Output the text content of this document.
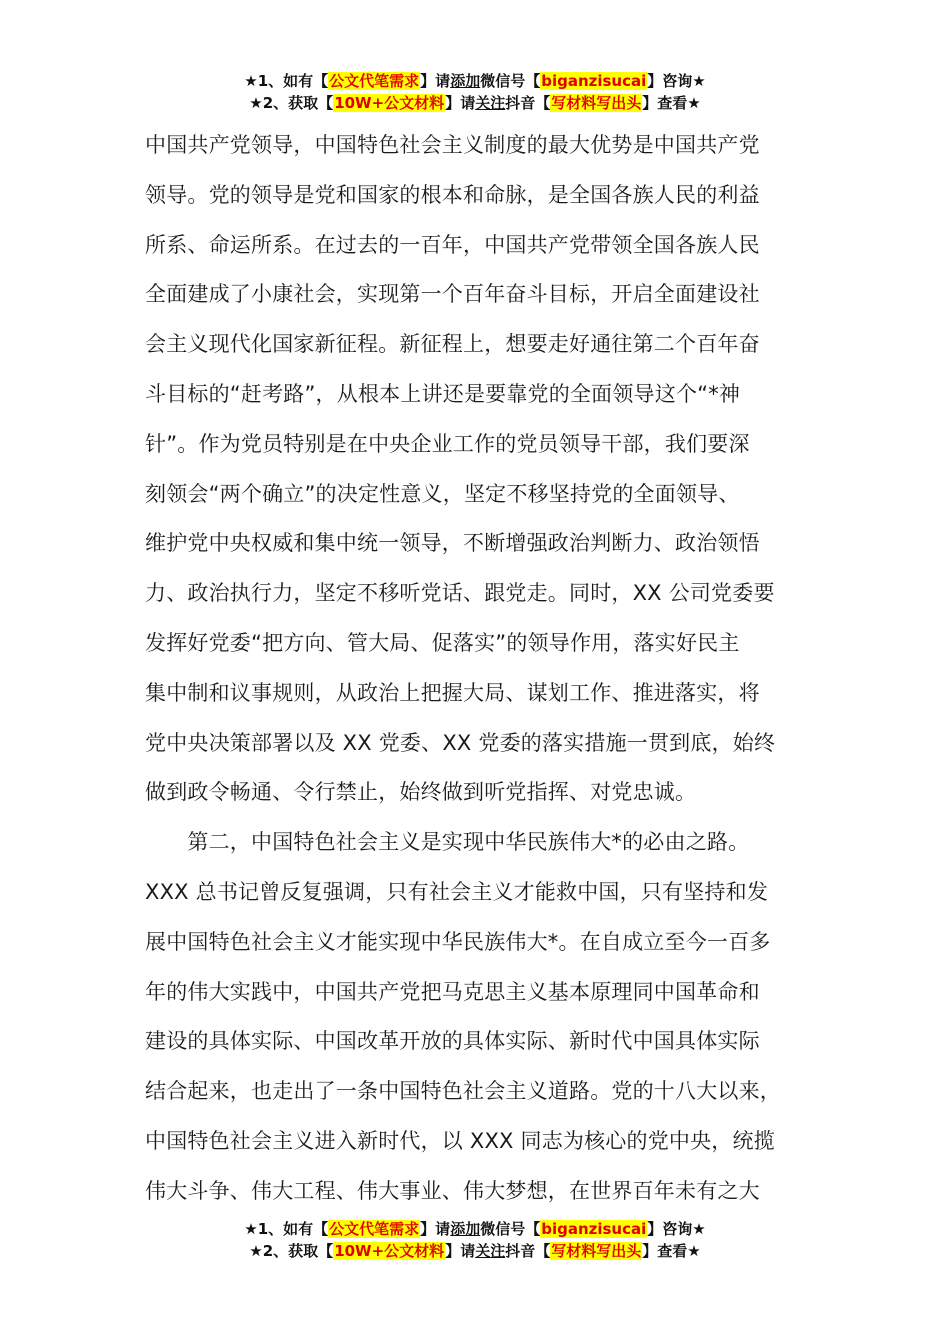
★1、如有【公文代笔需求】请添加微信号【biganzisucai】咨询★
★2、获取【10W+公文材料】请关注抖音【写材料写出头】查看★
中国共产党领导，中国特色社会主义制度的最大优势是中国共产党
领导。党的领导是党和国家的根本和命脉，是全国各族人民的利益
所系、命运所系。在过去的一百年，中国共产党带领全国各族人民
全面建成了小康社会，实现第一个百年奋斗目标，开启全面建设社
会主义现代化国家新征程。新征程上，想要走好通往第二个百年奋
斗目标的“赶考路”，从根本上讲还是要靠党的全面领导这个“*神
针”。作为党员特别是在中央企业工作的党员领导干部，我们要深
刻领会“两个确立”的决定性意义，坚定不移坚持党的全面领导、
维护党中央权威和集中统一领导，不断增强政治判断力、政治领悟
力、政治执行力，坚定不移听党话、跟党走。同时，XX 公司党委要
发挥好党委“把方向、管大局、促落实”的领导作用，落实好民主
集中制和议事规则，从政治上把握大局、谋划工作、推进落实，将
党中央决策部署以及 XX 党委、XX 党委的落实措施一贯到底，始终
做到政令畅通、令行禁止，始终做到听党指挥、对党忠诚。
　　第二，中国特色社会主义是实现中华民族伟大*的必由之路。
XXX 总书记曾反复强调，只有社会主义才能救中国，只有坚持和发
展中国特色社会主义才能实现中华民族伟大*。在自成立至今一百多
年的伟大实践中，中国共产党把马克思主义基本原理同中国革命和
建设的具体实际、中国改革开放的具体实际、新时代中国具体实际
结合起来，也走出了一条中国特色社会主义道路。党的十八大以来，
中国特色社会主义进入新时代，以 XXX 同志为核心的党中央，统揽
伟大斗争、伟大工程、伟大事业、伟大梦想，在世界百年未有之大
★1、如有【公文代笔需求】请添加微信号【biganzisucai】咨询★
★2、获取【10W+公文材料】请关注抖音【写材料写出头】查看★
